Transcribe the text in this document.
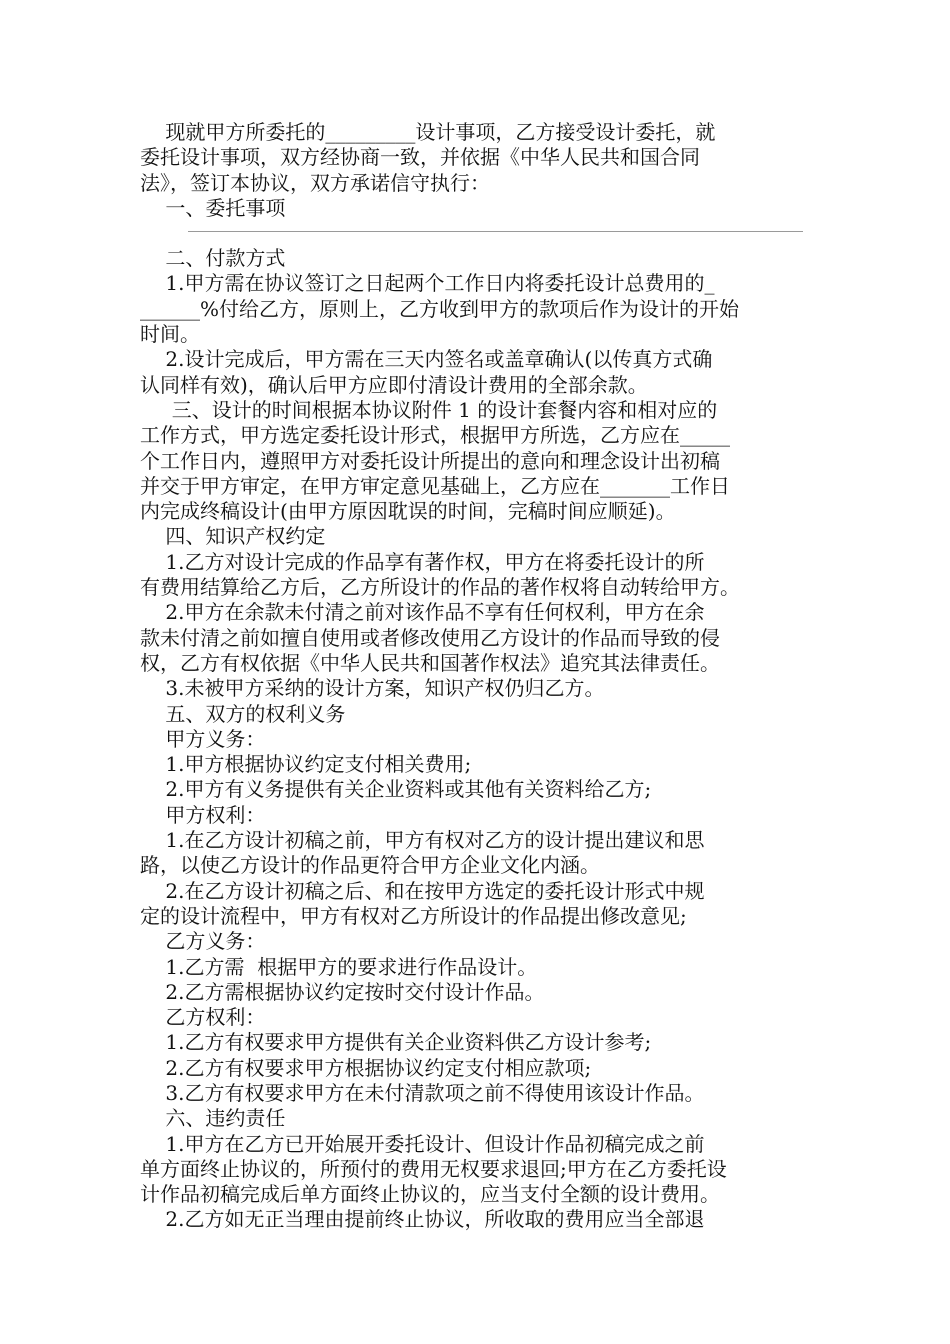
现就甲方所委托的_________设计事项，乙方接受设计委托，就
委托设计事项，双方经协商一致，并依据《中华人民共和国合同
法》，签订本协议，双方承诺信守执行：
一、委托事项
二、付款方式
1.甲方需在协议签订之日起两个工作日内将委托设计总费用的_
______%付给乙方，原则上，乙方收到甲方的款项后作为设计的开始
时间。
2.设计完成后，甲方需在三天内签名或盖章确认(以传真方式确
认同样有效)，确认后甲方应即付清设计费用的全部余款。
三、设计的时间根据本协议附件 1 的设计套餐内容和相对应的
工作方式，甲方选定委托设计形式，根据甲方所选，乙方应在_____
个工作日内，遵照甲方对委托设计所提出的意向和理念设计出初稿
并交于甲方审定，在甲方审定意见基础上，乙方应在_______工作日
内完成终稿设计(由甲方原因耽误的时间，完稿时间应顺延)。
四、知识产权约定
1.乙方对设计完成的作品享有著作权，甲方在将委托设计的所
有费用结算给乙方后，乙方所设计的作品的著作权将自动转给甲方。
2.甲方在余款未付清之前对该作品不享有任何权利，甲方在余
款未付清之前如擅自使用或者修改使用乙方设计的作品而导致的侵
权，乙方有权依据《中华人民共和国著作权法》追究其法律责任。
3.未被甲方采纳的设计方案，知识产权仍归乙方。
五、双方的权利义务
甲方义务：
1.甲方根据协议约定支付相关费用;
2.甲方有义务提供有关企业资料或其他有关资料给乙方;
甲方权利：
1.在乙方设计初稿之前，甲方有权对乙方的设计提出建议和思
路，以使乙方设计的作品更符合甲方企业文化内涵。
2.在乙方设计初稿之后、和在按甲方选定的委托设计形式中规
定的设计流程中，甲方有权对乙方所设计的作品提出修改意见;
乙方义务：
1.乙方需  根据甲方的要求进行作品设计。
2.乙方需根据协议约定按时交付设计作品。
乙方权利：
1.乙方有权要求甲方提供有关企业资料供乙方设计参考;
2.乙方有权要求甲方根据协议约定支付相应款项;
3.乙方有权要求甲方在未付清款项之前不得使用该设计作品。
六、违约责任
1.甲方在乙方已开始展开委托设计、但设计作品初稿完成之前
单方面终止协议的，所预付的费用无权要求退回;甲方在乙方委托设
计作品初稿完成后单方面终止协议的，应当支付全额的设计费用。
2.乙方如无正当理由提前终止协议，所收取的费用应当全部退
